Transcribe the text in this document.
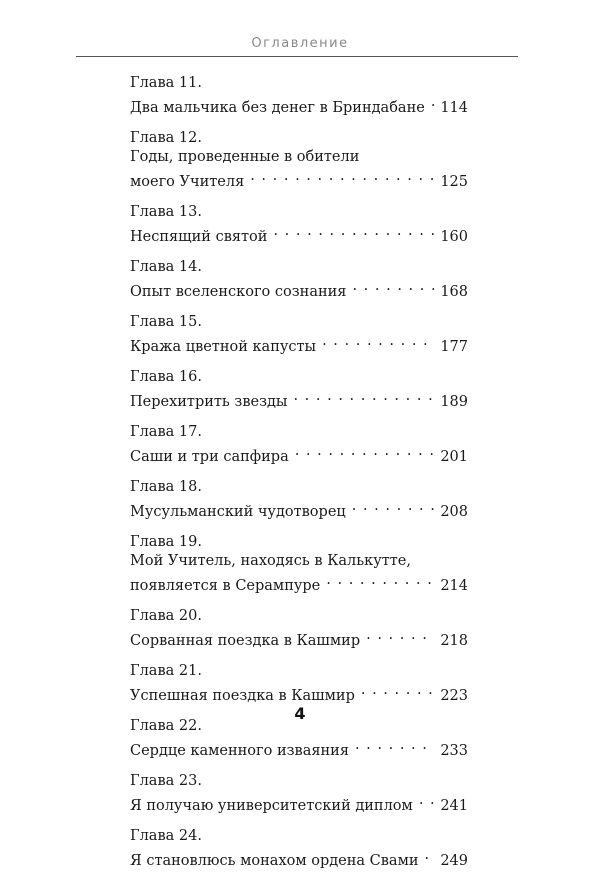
Оглавление
Глава 11.
Два мальчика без денег в Бриндабане . . . 114
Глава 12.
Годы, проведенные в обители
моего Учителя . . .	125
Глава 13.
Неспящий святой . . .	160
Глава 14.
Опыт вселенского сознания . . .	168
Глава 15.
Кража цветной капусты . . .	177
Глава 16.
Перехитрить звезды . . .	189
Глава 17.
Саши и три сапфира . . .	201
Глава 18.
Мусульманский чудотворец . . .	208
Глава 19.
Мой Учитель, находясь в Калькутте,
появляется в Серампуре . . .	214
Глава 20.
Сорванная поездка в Кашмир . . .	218
Глава 21.
Успешная поездка в Кашмир . . .	223
Глава 22.
Сердце каменного изваяния . . .	233
Глава 23.
Я получаю университетский диплом . . . 241
Глава 24.
Я становлюсь монахом ордена Свами . . . 249
4
